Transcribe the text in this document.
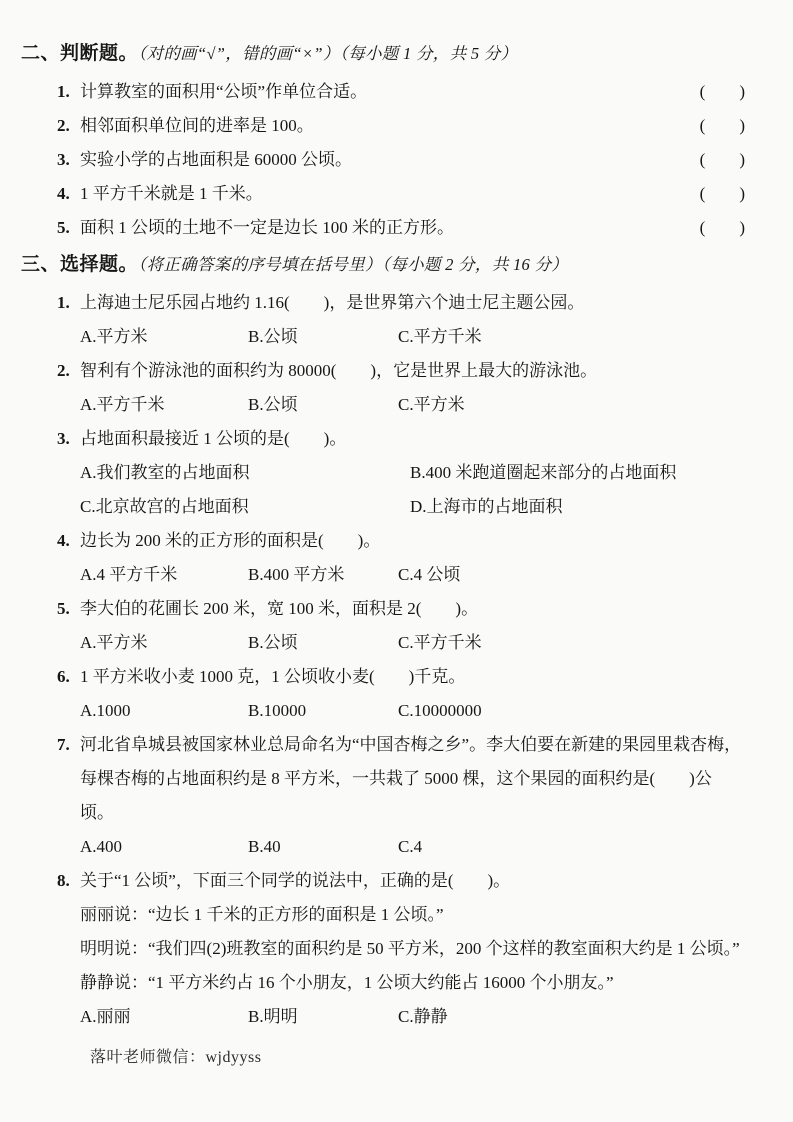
二、判断题。（对的画“√”，错的画“×”）（每小题 1 分，共 5 分）
1. 计算教室的面积用“公顷”作单位合适。	(　　)
2. 相邻面积单位间的进率是 100。	(　　)
3. 实验小学的占地面积是 60000 公顷。	(　　)
4. 1 平方千米就是 1 千米。	(　　)
5. 面积 1 公顷的土地不一定是边长 100 米的正方形。	(　　)
三、选择题。（将正确答案的序号填在括号里）（每小题 2 分，共 16 分）
1. 上海迪士尼乐园占地约 1.16(　　)，是世界第六个迪士尼主题公园。
A.平方米	B.公顷	C.平方千米
2. 智利有个游泳池的面积约为 80000(　　)，它是世界上最大的游泳池。
A.平方千米	B.公顷	C.平方米
3. 占地面积最接近 1 公顷的是(　　)。
A.我们教室的占地面积	B.400 米跑道圈起来部分的占地面积
C.北京故宫的占地面积	D.上海市的占地面积
4. 边长为 200 米的正方形的面积是(　　)。
A.4 平方千米	B.400 平方米	C.4 公顷
5. 李大伯的花圃长 200 米，宽 100 米，面积是 2(　　)。
A.平方米	B.公顷	C.平方千米
6. 1 平方米收小麦 1000 克，1 公顷收小麦(　　)千克。
A.1000	B.10000	C.10000000
7. 河北省阜城县被国家林业总局命名为“中国杏梅之乡”。李大伯要在新建的果园里栽杏梅，每棵杏梅的占地面积约是 8 平方米，一共栽了 5000 棵，这个果园的面积约是(　　)公顷。
A.400	B.40	C.4
8. 关于“1 公顷”，下面三个同学的说法中，正确的是(　　)。
丽丽说：“边长 1 千米的正方形的面积是 1 公顷。”
明明说：“我们四(2)班教室的面积约是 50 平方米，200 个这样的教室面积大约是 1 公顷。”
静静说：“1 平方米约占 16 个小朋友，1 公顷大约能占 16000 个小朋友。”
A.丽丽	B.明明	C.静静
落叶老师微信：wjdyyss
